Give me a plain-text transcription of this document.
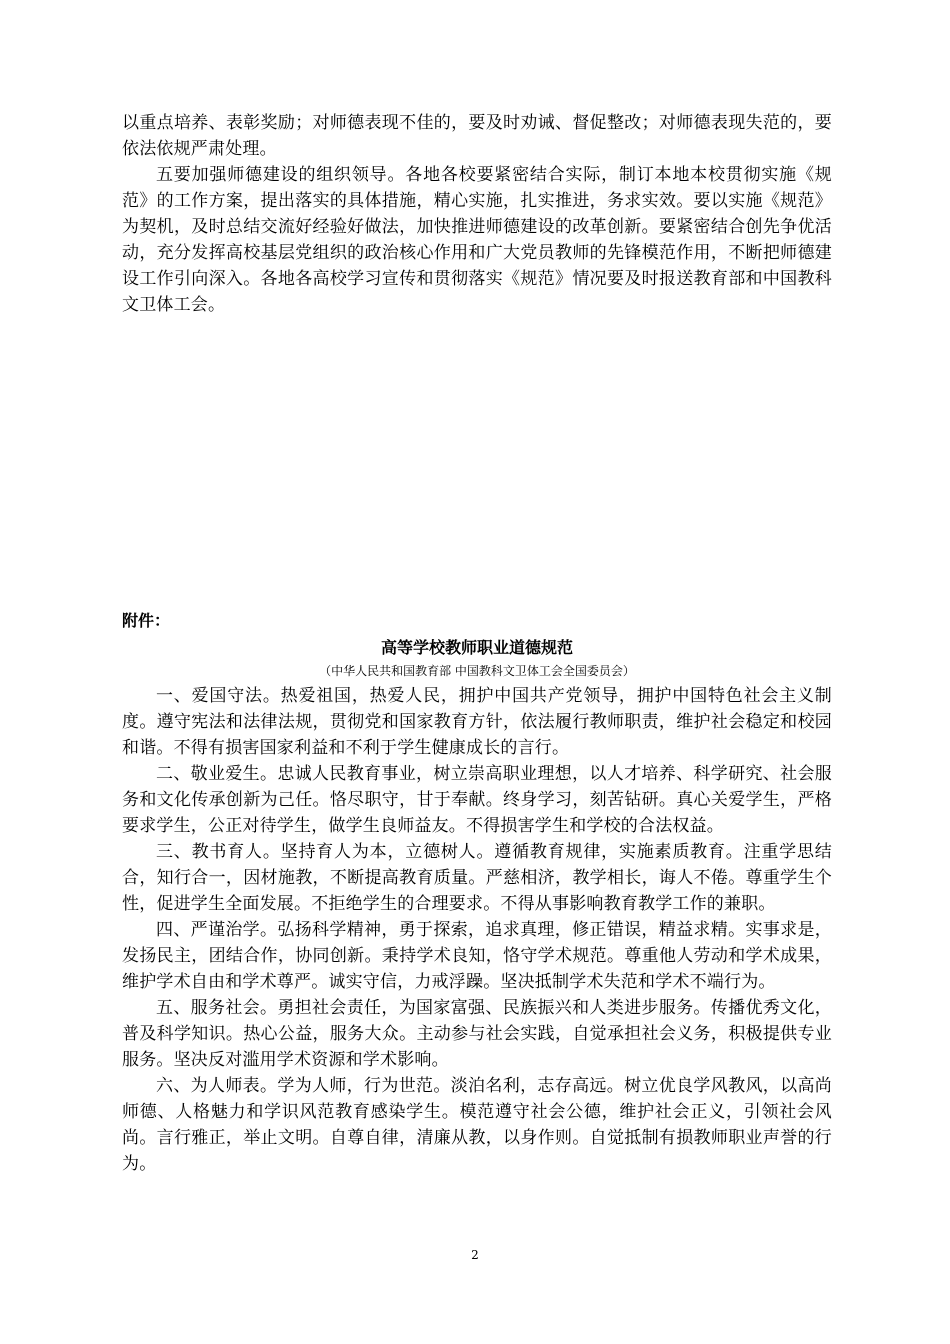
以重点培养、表彰奖励；对师德表现不佳的，要及时劝诫、督促整改；对师德表现失范的，要依法依规严肃处理。

五要加强师德建设的组织领导。各地各校要紧密结合实际，制订本地本校贯彻实施《规范》的工作方案，提出落实的具体措施，精心实施，扎实推进，务求实效。要以实施《规范》为契机，及时总结交流好经验好做法，加快推进师德建设的改革创新。要紧密结合创先争优活动，充分发挥高校基层党组织的政治核心作用和广大党员教师的先锋模范作用，不断把师德建设工作引向深入。各地各高校学习宣传和贯彻落实《规范》情况要及时报送教育部和中国教科文卫体工会。

附件：
高等学校教师职业道德规范
（中华人民共和国教育部 中国教科文卫体工会全国委员会）

一、爱国守法。热爱祖国，热爱人民，拥护中国共产党领导，拥护中国特色社会主义制度。遵守宪法和法律法规，贯彻党和国家教育方针，依法履行教师职责，维护社会稳定和校园和谐。不得有损害国家利益和不利于学生健康成长的言行。

二、敬业爱生。忠诚人民教育事业，树立崇高职业理想，以人才培养、科学研究、社会服务和文化传承创新为己任。恪尽职守，甘于奉献。终身学习，刻苦钻研。真心关爱学生，严格要求学生，公正对待学生，做学生良师益友。不得损害学生和学校的合法权益。

三、教书育人。坚持育人为本，立德树人。遵循教育规律，实施素质教育。注重学思结合，知行合一，因材施教，不断提高教育质量。严慈相济，教学相长，诲人不倦。尊重学生个性，促进学生全面发展。不拒绝学生的合理要求。不得从事影响教育教学工作的兼职。

四、严谨治学。弘扬科学精神，勇于探索，追求真理，修正错误，精益求精。实事求是，发扬民主，团结合作，协同创新。秉持学术良知，恪守学术规范。尊重他人劳动和学术成果，维护学术自由和学术尊严。诚实守信，力戒浮躁。坚决抵制学术失范和学术不端行为。

五、服务社会。勇担社会责任，为国家富强、民族振兴和人类进步服务。传播优秀文化，普及科学知识。热心公益，服务大众。主动参与社会实践，自觉承担社会义务，积极提供专业服务。坚决反对滥用学术资源和学术影响。

六、为人师表。学为人师，行为世范。淡泊名利，志存高远。树立优良学风教风，以高尚师德、人格魅力和学识风范教育感染学生。模范遵守社会公德，维护社会正义，引领社会风尚。言行雅正，举止文明。自尊自律，清廉从教，以身作则。自觉抵制有损教师职业声誉的行为。

2
